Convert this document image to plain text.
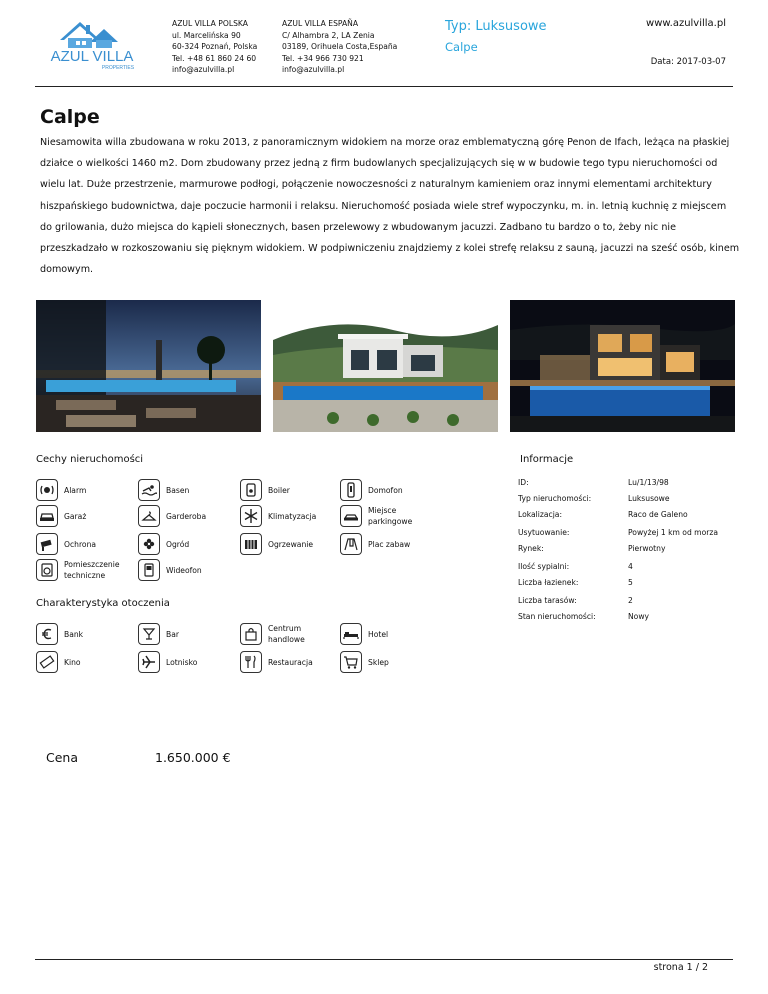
AZUL VILLA
PROPERTIES
AZUL VILLA POLSKA
ul. Marcelińska 90
60-324 Poznań, Polska
Tel. +48 61 860 24 60
info@azulvilla.pl
AZUL VILLA ESPAÑA
C/ Alhambra 2, LA Zenia
03189, Orihuela Costa,España
Tel. +34 966 730 921
info@azulvilla.pl
Typ: Luksusowe
Calpe
www.azulvilla.pl
Data: 2017-03-07
Calpe
Niesamowita willa zbudowana w roku 2013, z panoramicznym widokiem na morze oraz emblematyczną górę Penon de Ifach, leżąca na płaskiej działce o wielkości 1460 m2. Dom zbudowany przez jedną z firm budowlanych specjalizujących się w w budowie tego typu nieruchomości od wielu lat. Duże przestrzenie, marmurowe podłogi, połączenie nowoczesności z naturalnym kamieniem oraz innymi elementami architektury hiszpańskiego budownictwa, daje poczucie harmonii i relaksu. Nieruchomość posiada wiele stref wypoczynku, m. in. letnią kuchnię z miejscem do grilowania, dużo miejsca do kąpieli słonecznych, basen przelewowy z wbudowanym jacuzzi. Zadbano tu bardzo o to, żeby nic nie przeszkadzało w rozkoszowaniu się pięknym widokiem. W podpiwniczeniu znajdziemy z kolei strefę relaksu z sauną, jacuzzi na sześć osób, kinem domowym.
Cechy nieruchomości	Informacje
Charakterystyka otoczenia
Alarm	Basen	Boiler	Domofon
Garaż	Garderoba	Klimatyzacja
Miejsce parkingowe
Ochrona	Ogród	Ogrzewanie	Plac zabaw
Pomieszczenie techniczne
Wideofon
Bank	Bar
Centrum handlowe
Hotel
Kino	Lotnisko	Restauracja	Sklep
ID:	Lu/1/13/98
Typ nieruchomości:	Luksusowe
Lokalizacja:	Raco de Galeno
Usytuowanie:	Powyżej 1 km od morza
Rynek:	Pierwotny
Ilość sypialni:	4
Liczba łazienek:	5
Liczba tarasów:	2
Stan nieruchomości:	Nowy
Cena	1.650.000 €
strona 1 / 2
